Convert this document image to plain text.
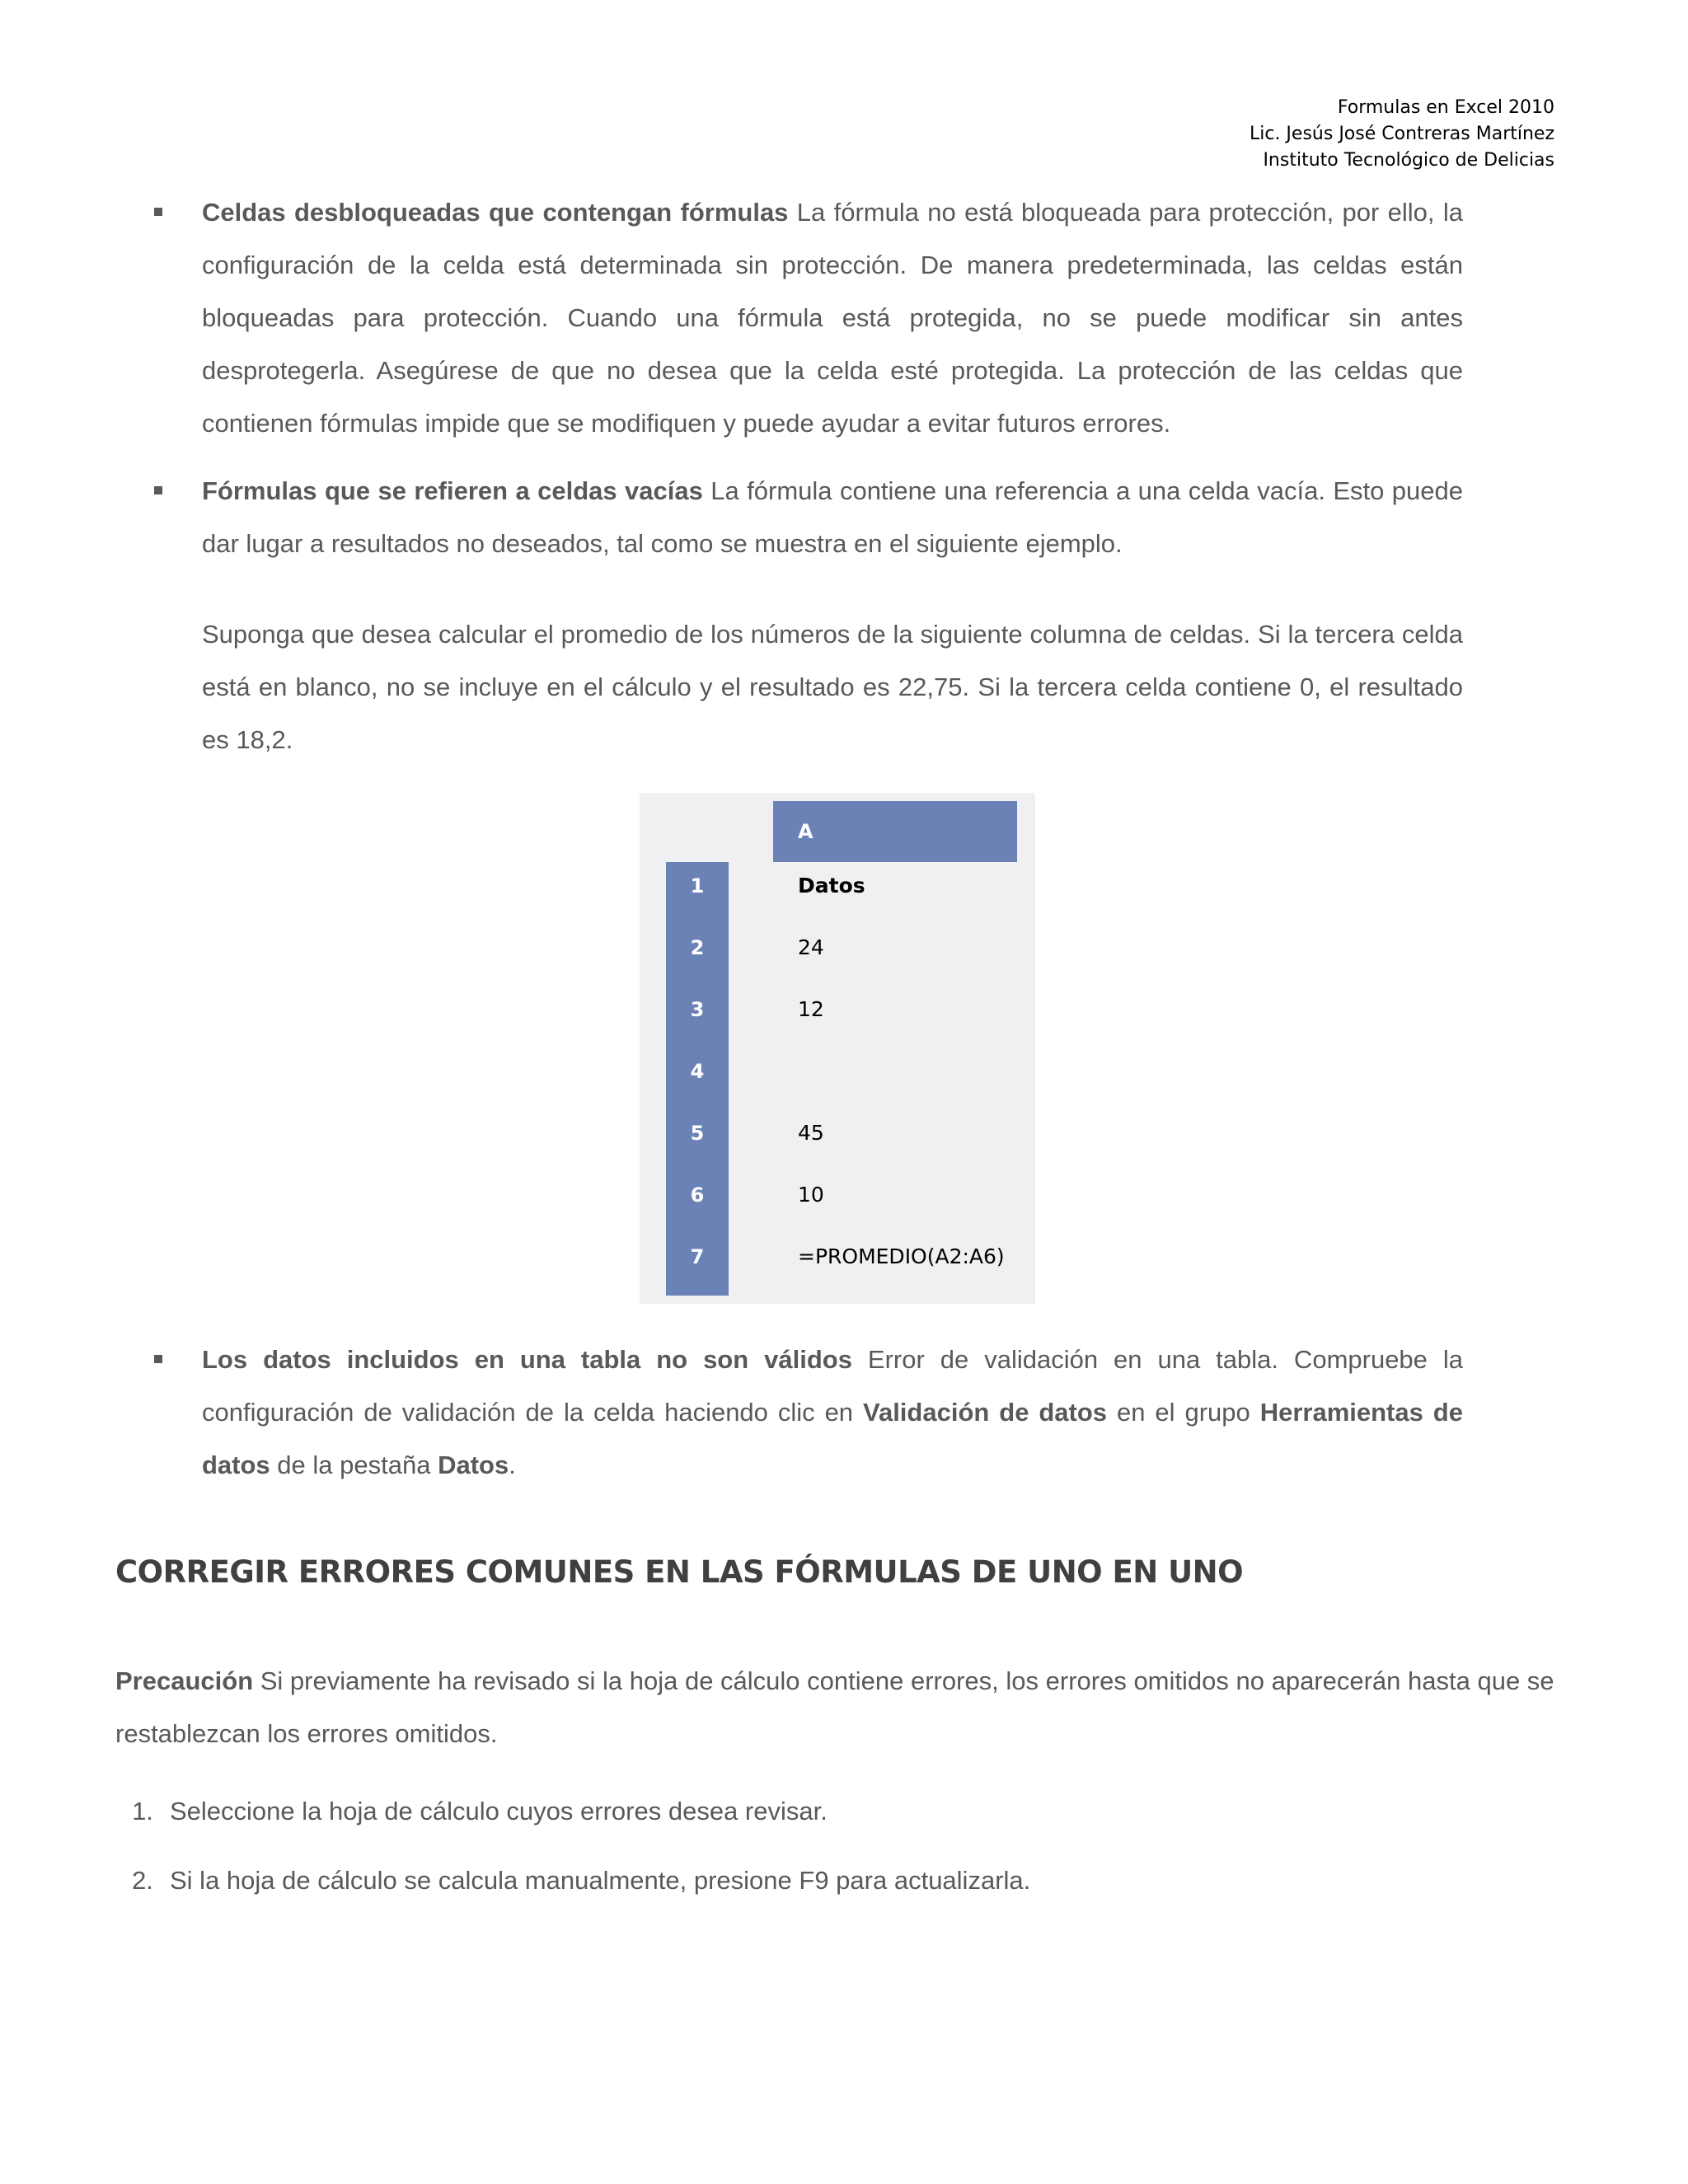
Formulas en Excel 2010
Lic. Jesús José Contreras Martínez
Instituto Tecnológico de Delicias
Celdas desbloqueadas que contengan fórmulas La fórmula no está bloqueada para protección, por ello, la configuración de la celda está determinada sin protección. De manera predeterminada, las celdas están bloqueadas para protección. Cuando una fórmula está protegida, no se puede modificar sin antes desprotegerla. Asegúrese de que no desea que la celda esté protegida. La protección de las celdas que contienen fórmulas impide que se modifiquen y puede ayudar a evitar futuros errores.
Fórmulas que se refieren a celdas vacías La fórmula contiene una referencia a una celda vacía. Esto puede dar lugar a resultados no deseados, tal como se muestra en el siguiente ejemplo.
Suponga que desea calcular el promedio de los números de la siguiente columna de celdas. Si la tercera celda está en blanco, no se incluye en el cálculo y el resultado es 22,75. Si la tercera celda contiene 0, el resultado es 18,2.
A
1
2
3
4
5
6
7
Datos
24
12
45
10
=PROMEDIO(A2:A6)
Los datos incluidos en una tabla no son válidos Error de validación en una tabla. Compruebe la configuración de validación de la celda haciendo clic en Validación de datos en el grupo Herramientas de datos de la pestaña Datos.
CORREGIR ERRORES COMUNES EN LAS FÓRMULAS DE UNO EN UNO
Precaución Si previamente ha revisado si la hoja de cálculo contiene errores, los errores omitidos no aparecerán hasta que se restablezcan los errores omitidos.
1. Seleccione la hoja de cálculo cuyos errores desea revisar.
2. Si la hoja de cálculo se calcula manualmente, presione F9 para actualizarla.
